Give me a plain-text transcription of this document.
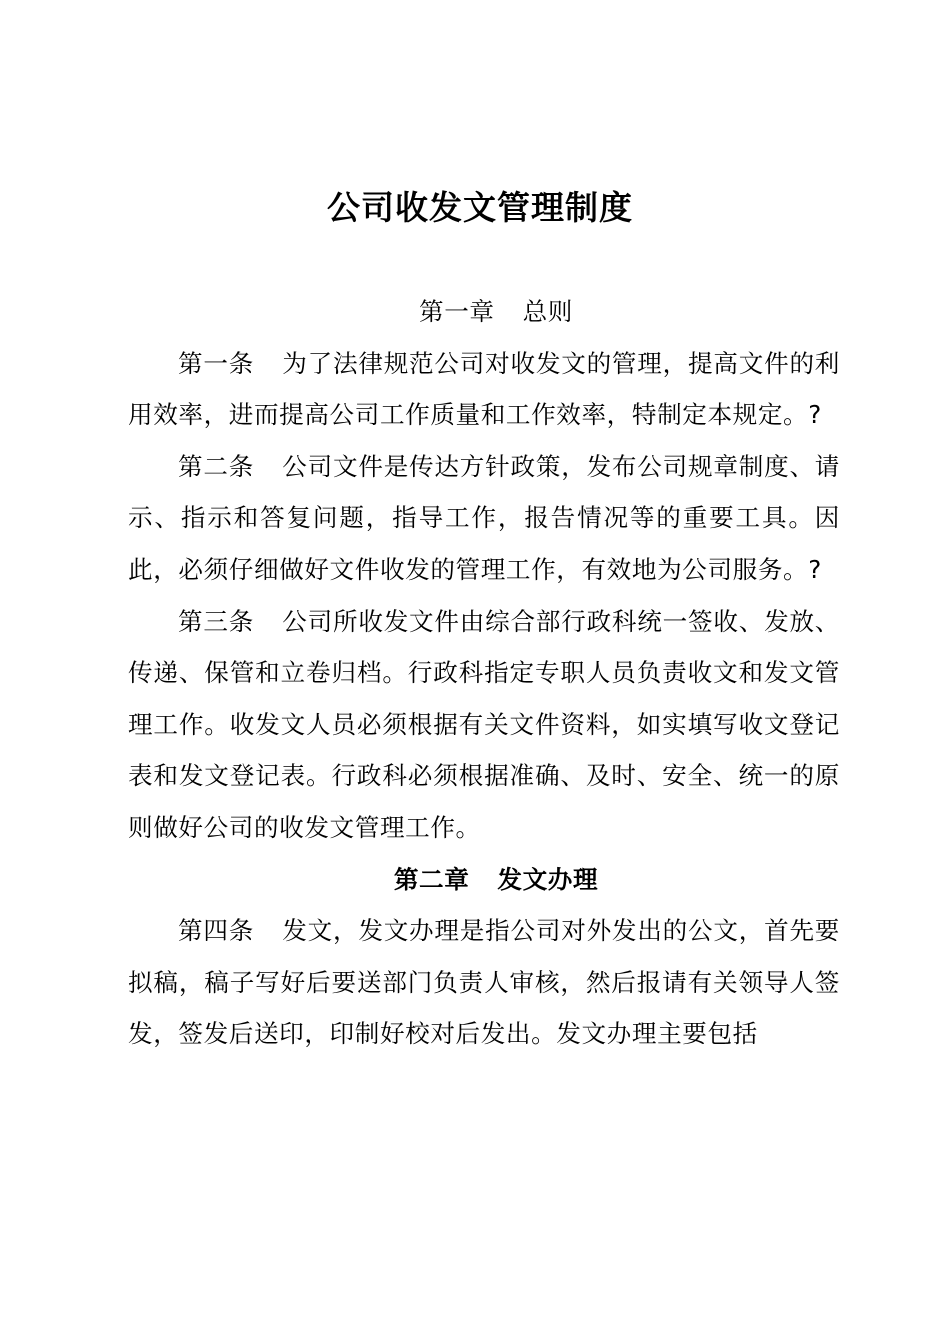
公司收发文管理制度
第一章 总则

第一条 为了法律规范公司对收发文的管理，提高文件的利用效率，进而提高公司工作质量和工作效率，特制定本规定。?

第二条 公司文件是传达方针政策，发布公司规章制度、请示、指示和答复问题，指导工作，报告情况等的重要工具。因此，必须仔细做好文件收发的管理工作，有效地为公司服务。?

第三条 公司所收发文件由综合部行政科统一签收、发放、传递、保管和立卷归档。行政科指定专职人员负责收文和发文管理工作。收发文人员必须根据有关文件资料，如实填写收文登记表和发文登记表。行政科必须根据准确、及时、安全、统一的原则做好公司的收发文管理工作。

第二章 发文办理

第四条 发文，发文办理是指公司对外发出的公文，首先要拟稿，稿子写好后要送部门负责人审核，然后报请有关领导人签发，签发后送印，印制好校对后发出。发文办理主要包括
